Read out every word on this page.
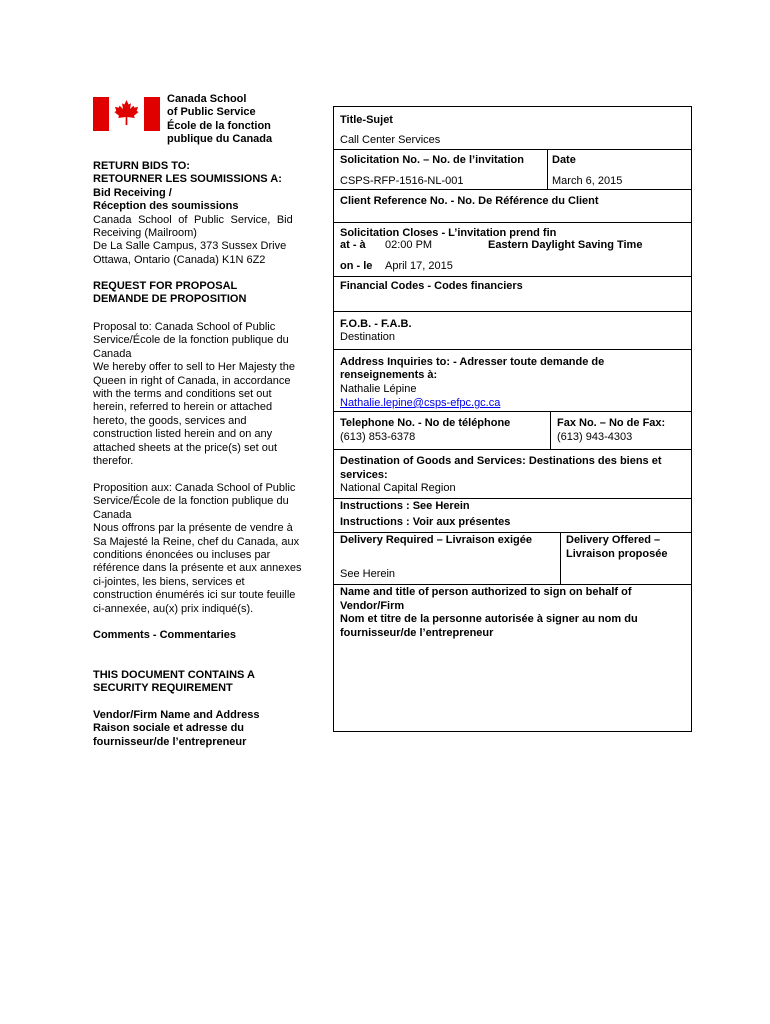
Canada School
of Public Service
École de la fonction
publique du Canada
RETURN BIDS TO:
RETOURNER LES SOUMISSIONS A:
Bid Receiving /
Réception des soumissions
Canada School of Public Service, Bid
Receiving (Mailroom)
De La Salle Campus, 373 Sussex Drive
Ottawa, Ontario (Canada) K1N 6Z2
REQUEST FOR PROPOSAL
DEMANDE DE PROPOSITION
Proposal to: Canada School of Public
Service/École de la fonction publique du
Canada
We hereby offer to sell to Her Majesty the
Queen in right of Canada, in accordance
with the terms and conditions set out
herein, referred to herein or attached
hereto, the goods, services and
construction listed herein and on any
attached sheets at the price(s) set out
therefor.
Proposition aux: Canada School of Public
Service/École de la fonction publique du
Canada
Nous offrons par la présente de vendre à
Sa Majesté la Reine, chef du Canada, aux
conditions énoncées ou incluses par
référence dans la présente et aux annexes
ci-jointes, les biens, services et
construction énumérés ici sur toute feuille
ci-annexée, au(x) prix indiqué(s).
Comments - Commentaries
THIS DOCUMENT CONTAINS A
SECURITY REQUIREMENT
Vendor/Firm Name and Address
Raison sociale et adresse du
fournisseur/de l’entrepreneur
Title-Sujet
Call Center Services
Solicitation No. – No. de l’invitation
CSPS-RFP-1516-NL-001
Date
March 6, 2015
Client Reference No. - No. De Référence du Client
Solicitation Closes - L’invitation prend fin
at - à 02:00 PM	Eastern Daylight Saving Time
on - le April 17, 2015
Financial Codes - Codes financiers
F.O.B. - F.A.B.
Destination
Address Inquiries to: - Adresser toute demande de
renseignements à:
Nathalie Lépine
Nathalie.lepine@csps-efpc.gc.ca
Telephone No. - No de téléphone
(613) 853-6378
Fax No. – No de Fax:
(613) 943-4303
Destination of Goods and Services: Destinations des biens et
services:
National Capital Region
Instructions : See Herein
Instructions : Voir aux présentes
Delivery Required – Livraison exigée
See Herein
Delivery Offered –
Livraison proposée
Name and title of person authorized to sign on behalf of
Vendor/Firm
Nom et titre de la personne autorisée à signer au nom du
fournisseur/de l’entrepreneur
